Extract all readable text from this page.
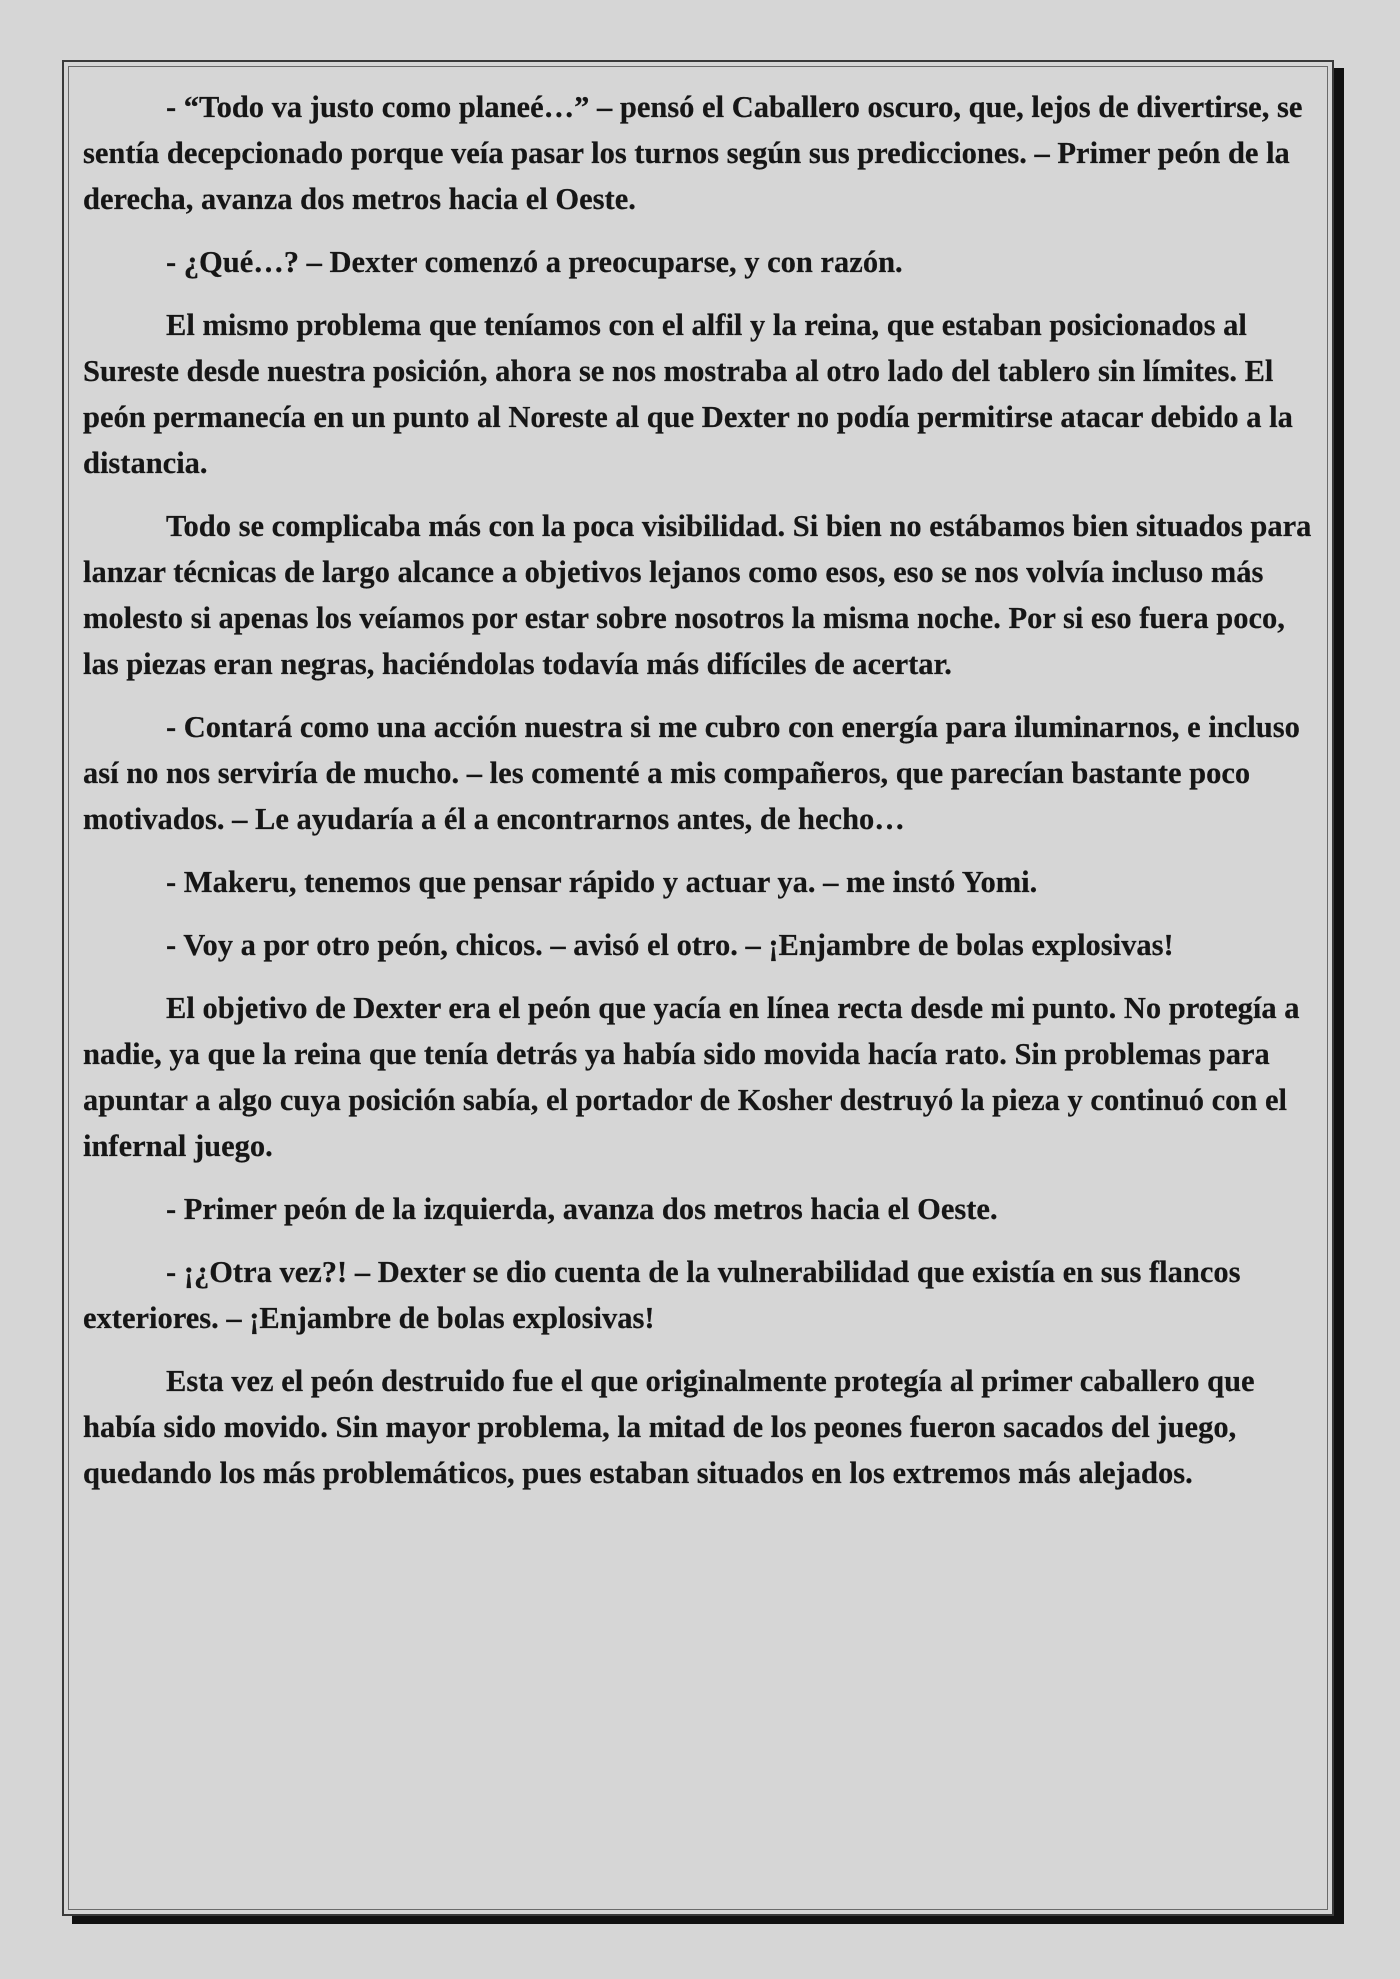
- “Todo va justo como planeé…” – pensó el Caballero oscuro, que, lejos de divertirse, se sentía decepcionado porque veía pasar los turnos según sus predicciones. – Primer peón de la derecha, avanza dos metros hacia el Oeste.

- ¿Qué…? – Dexter comenzó a preocuparse, y con razón.

El mismo problema que teníamos con el alfil y la reina, que estaban posicionados al Sureste desde nuestra posición, ahora se nos mostraba al otro lado del tablero sin límites. El peón permanecía en un punto al Noreste al que Dexter no podía permitirse atacar debido a la distancia.

Todo se complicaba más con la poca visibilidad. Si bien no estábamos bien situados para lanzar técnicas de largo alcance a objetivos lejanos como esos, eso se nos volvía incluso más molesto si apenas los veíamos por estar sobre nosotros la misma noche. Por si eso fuera poco, las piezas eran negras, haciéndolas todavía más difíciles de acertar.

- Contará como una acción nuestra si me cubro con energía para iluminarnos, e incluso así no nos serviría de mucho. – les comenté a mis compañeros, que parecían bastante poco motivados. – Le ayudaría a él a encontrarnos antes, de hecho…

- Makeru, tenemos que pensar rápido y actuar ya. – me instó Yomi.

- Voy a por otro peón, chicos. – avisó el otro. – ¡Enjambre de bolas explosivas!

El objetivo de Dexter era el peón que yacía en línea recta desde mi punto. No protegía a nadie, ya que la reina que tenía detrás ya había sido movida hacía rato. Sin problemas para apuntar a algo cuya posición sabía, el portador de Kosher destruyó la pieza y continuó con el infernal juego.

- Primer peón de la izquierda, avanza dos metros hacia el Oeste.

- ¡¿Otra vez?! – Dexter se dio cuenta de la vulnerabilidad que existía en sus flancos exteriores. – ¡Enjambre de bolas explosivas!

Esta vez el peón destruido fue el que originalmente protegía al primer caballero que había sido movido. Sin mayor problema, la mitad de los peones fueron sacados del juego, quedando los más problemáticos, pues estaban situados en los extremos más alejados.
